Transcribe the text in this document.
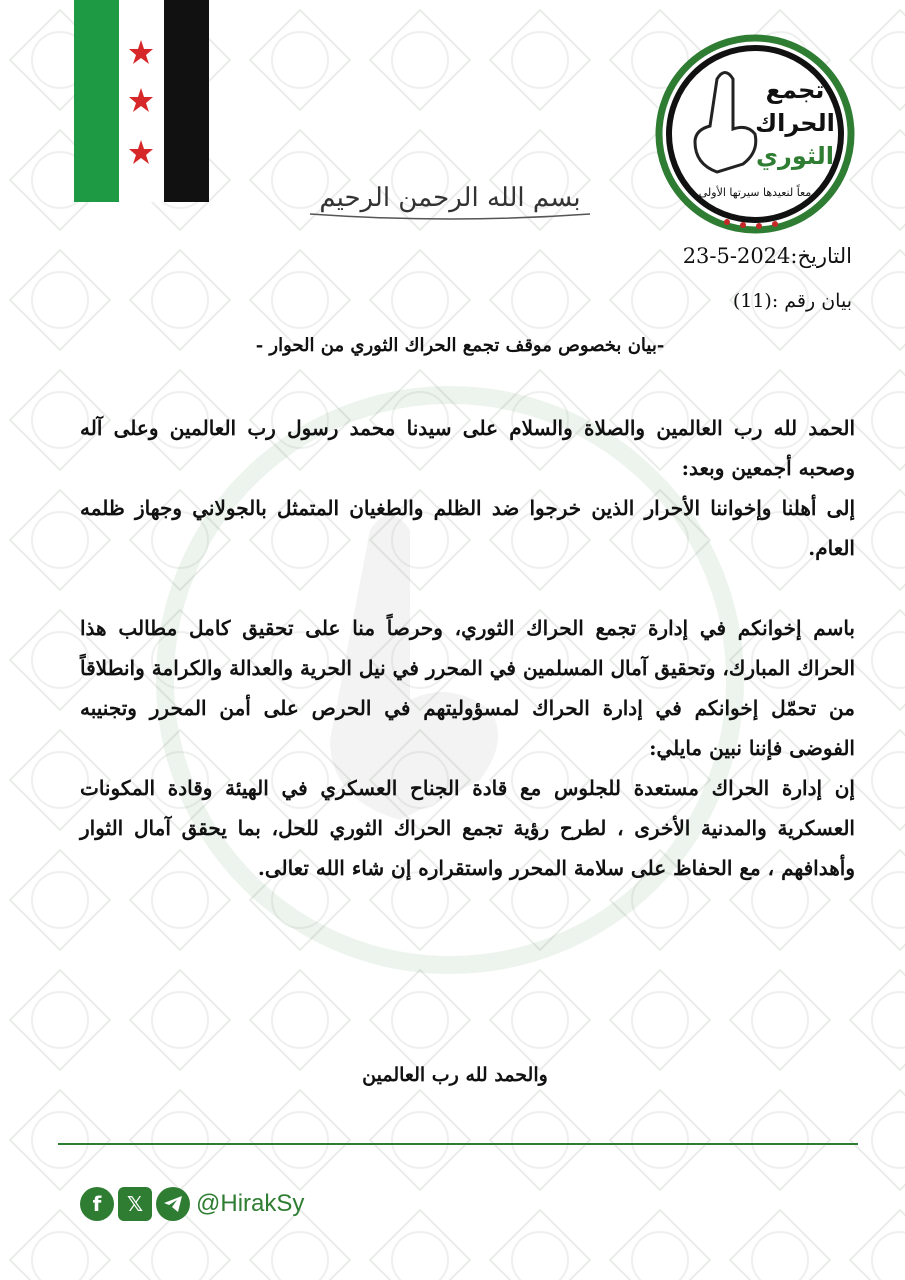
بسم الله الرحمن الرحيم
تجمع
الحراك
الثوري
معاً لنعيدها سيرتها الأولى
التاريخ:23-5-2024
بيان رقم :(11)
-بيان بخصوص موقف تجمع الحراك الثوري من الحوار -

الحمد لله رب العالمين والصلاة والسلام على سيدنا محمد رسول رب العالمين وعلى آله وصحبه أجمعين وبعد:

إلى أهلنا وإخواننا الأحرار الذين خرجوا ضد الظلم والطغيان المتمثل بالجولاني وجهاز ظلمه العام.

باسم إخوانكم في إدارة تجمع الحراك الثوري، وحرصاً منا على تحقيق كامل مطالب هذا الحراك المبارك، وتحقيق آمال المسلمين في المحرر في نيل الحرية والعدالة والكرامة وانطلاقاً من تحمّل إخوانكم في إدارة الحراك لمسؤوليتهم في الحرص على أمن المحرر وتجنيبه الفوضى فإننا نبين مايلي:

إن إدارة الحراك مستعدة للجلوس مع قادة الجناح العسكري في الهيئة وقادة المكونات العسكرية والمدنية الأخرى ، لطرح رؤية تجمع الحراك الثوري للحل، بما يحقق آمال الثوار وأهدافهم ، مع الحفاظ على سلامة المحرر واستقراره إن شاء الله تعالى.

والحمد لله رب العالمين
f	𝕏	@HirakSy
